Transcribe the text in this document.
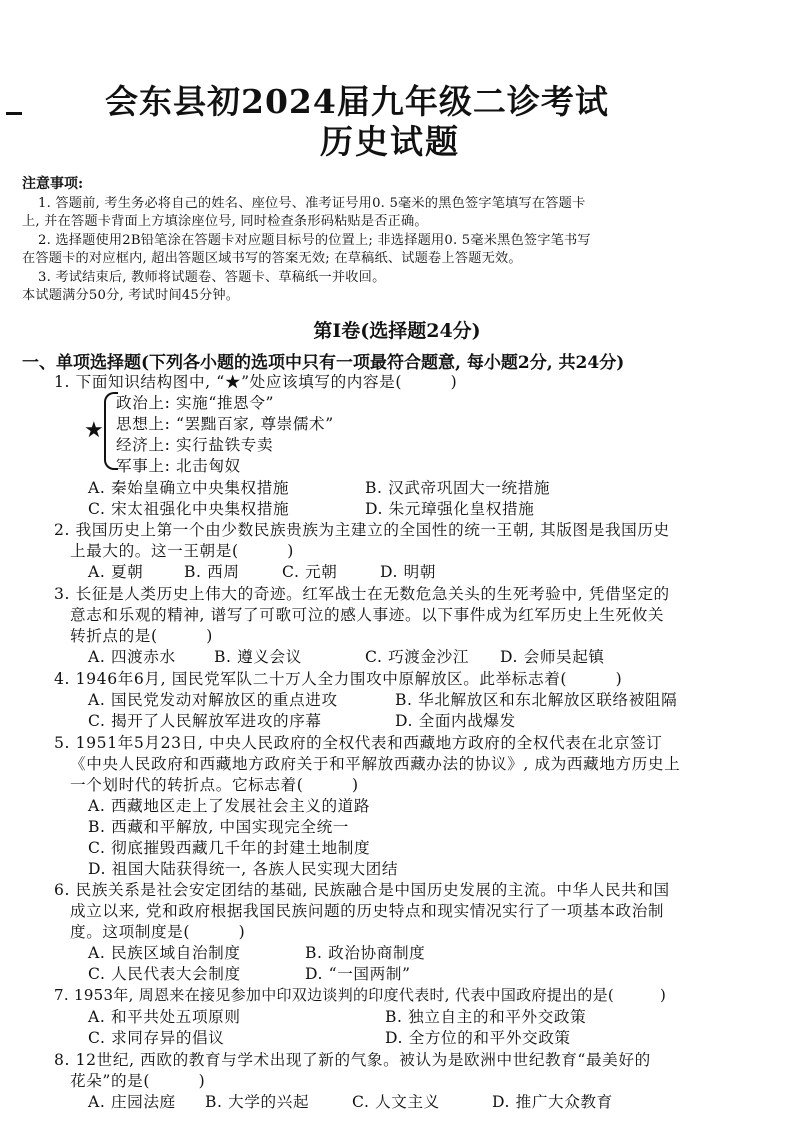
会东县初2024届九年级二诊考试
历史试题
注意事项:
1. 答题前, 考生务必将自己的姓名、座位号、准考证号用0. 5毫米的黑色签字笔填写在答题卡
上, 并在答题卡背面上方填涂座位号, 同时检查条形码粘贴是否正确。
2. 选择题使用2B铅笔涂在答题卡对应题目标号的位置上; 非选择题用0. 5毫米黑色签字笔书写
在答题卡的对应框内, 超出答题区域书写的答案无效; 在草稿纸、试题卷上答题无效。
3. 考试结束后, 教师将试题卷、答题卡、草稿纸一并收回。
本试题满分50分, 考试时间45分钟。
第Ⅰ卷(选择题24分)
一、单项选择题(下列各小题的选项中只有一项最符合题意, 每小题2分, 共24分)
1. 下面知识结构图中, “★”处应该填写的内容是(　　　)
★
政治上: 实施“推恩令”
思想上: “罢黜百家, 尊崇儒术”
经济上: 实行盐铁专卖
军事上: 北击匈奴
A. 秦始皇确立中央集权措施	B. 汉武帝巩固大一统措施
C. 宋太祖强化中央集权措施	D. 朱元璋强化皇权措施
2. 我国历史上第一个由少数民族贵族为主建立的全国性的统一王朝, 其版图是我国历史
上最大的。这一王朝是(　　　)
A. 夏朝	B. 西周	C. 元朝	D. 明朝
3. 长征是人类历史上伟大的奇迹。红军战士在无数危急关头的生死考验中, 凭借坚定的
意志和乐观的精神, 谱写了可歌可泣的感人事迹。以下事件成为红军历史上生死攸关
转折点的是(　　　)
A. 四渡赤水 B. 遵义会议	C. 巧渡金沙江 D. 会师吴起镇
4. 1946年6月, 国民党军队二十万人全力围攻中原解放区。此举标志着(　　　)
A. 国民党发动对解放区的重点进攻	B. 华北解放区和东北解放区联络被阻隔
C. 揭开了人民解放军进攻的序幕	D. 全面内战爆发
5. 1951年5月23日, 中央人民政府的全权代表和西藏地方政府的全权代表在北京签订
《中央人民政府和西藏地方政府关于和平解放西藏办法的协议》, 成为西藏地方历史上
一个划时代的转折点。它标志着(　　　)
A. 西藏地区走上了发展社会主义的道路
B. 西藏和平解放, 中国实现完全统一
C. 彻底摧毁西藏几千年的封建土地制度
D. 祖国大陆获得统一, 各族人民实现大团结
6. 民族关系是社会安定团结的基础, 民族融合是中国历史发展的主流。中华人民共和国
成立以来, 党和政府根据我国民族问题的历史特点和现实情况实行了一项基本政治制
度。这项制度是(　　　)
A. 民族区域自治制度	B. 政治协商制度
C. 人民代表大会制度	D. “一国两制”
7. 1953年, 周恩来在接见参加中印双边谈判的印度代表时, 代表中国政府提出的是(　　　)
A. 和平共处五项原则	B. 独立自主的和平外交政策
C. 求同存异的倡议	D. 全方位的和平外交政策
8. 12世纪, 西欧的教育与学术出现了新的气象。被认为是欧洲中世纪教育“最美好的
花朵”的是(　　　)
A. 庄园法庭 B. 大学的兴起	C. 人文主义	D. 推广大众教育
